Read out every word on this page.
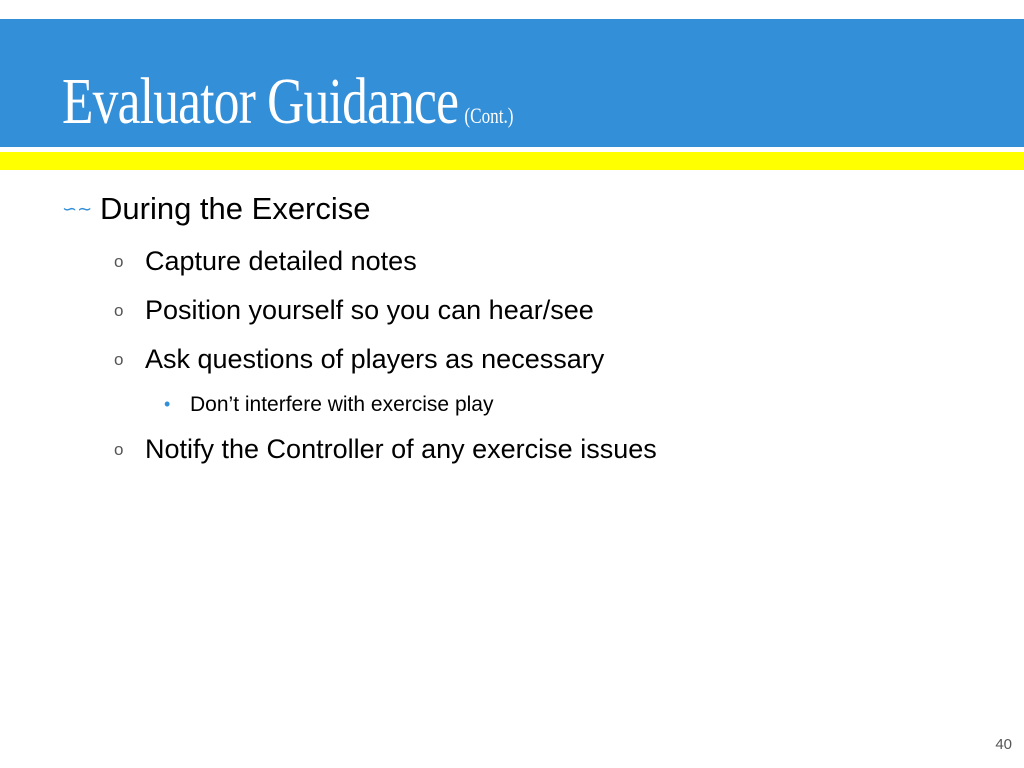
Evaluator Guidance (Cont.)
∽∼ During the Exercise
o Capture detailed notes
o Position yourself so you can hear/see
o Ask questions of players as necessary
• Don’t interfere with exercise play
o Notify the Controller of any exercise issues
40
